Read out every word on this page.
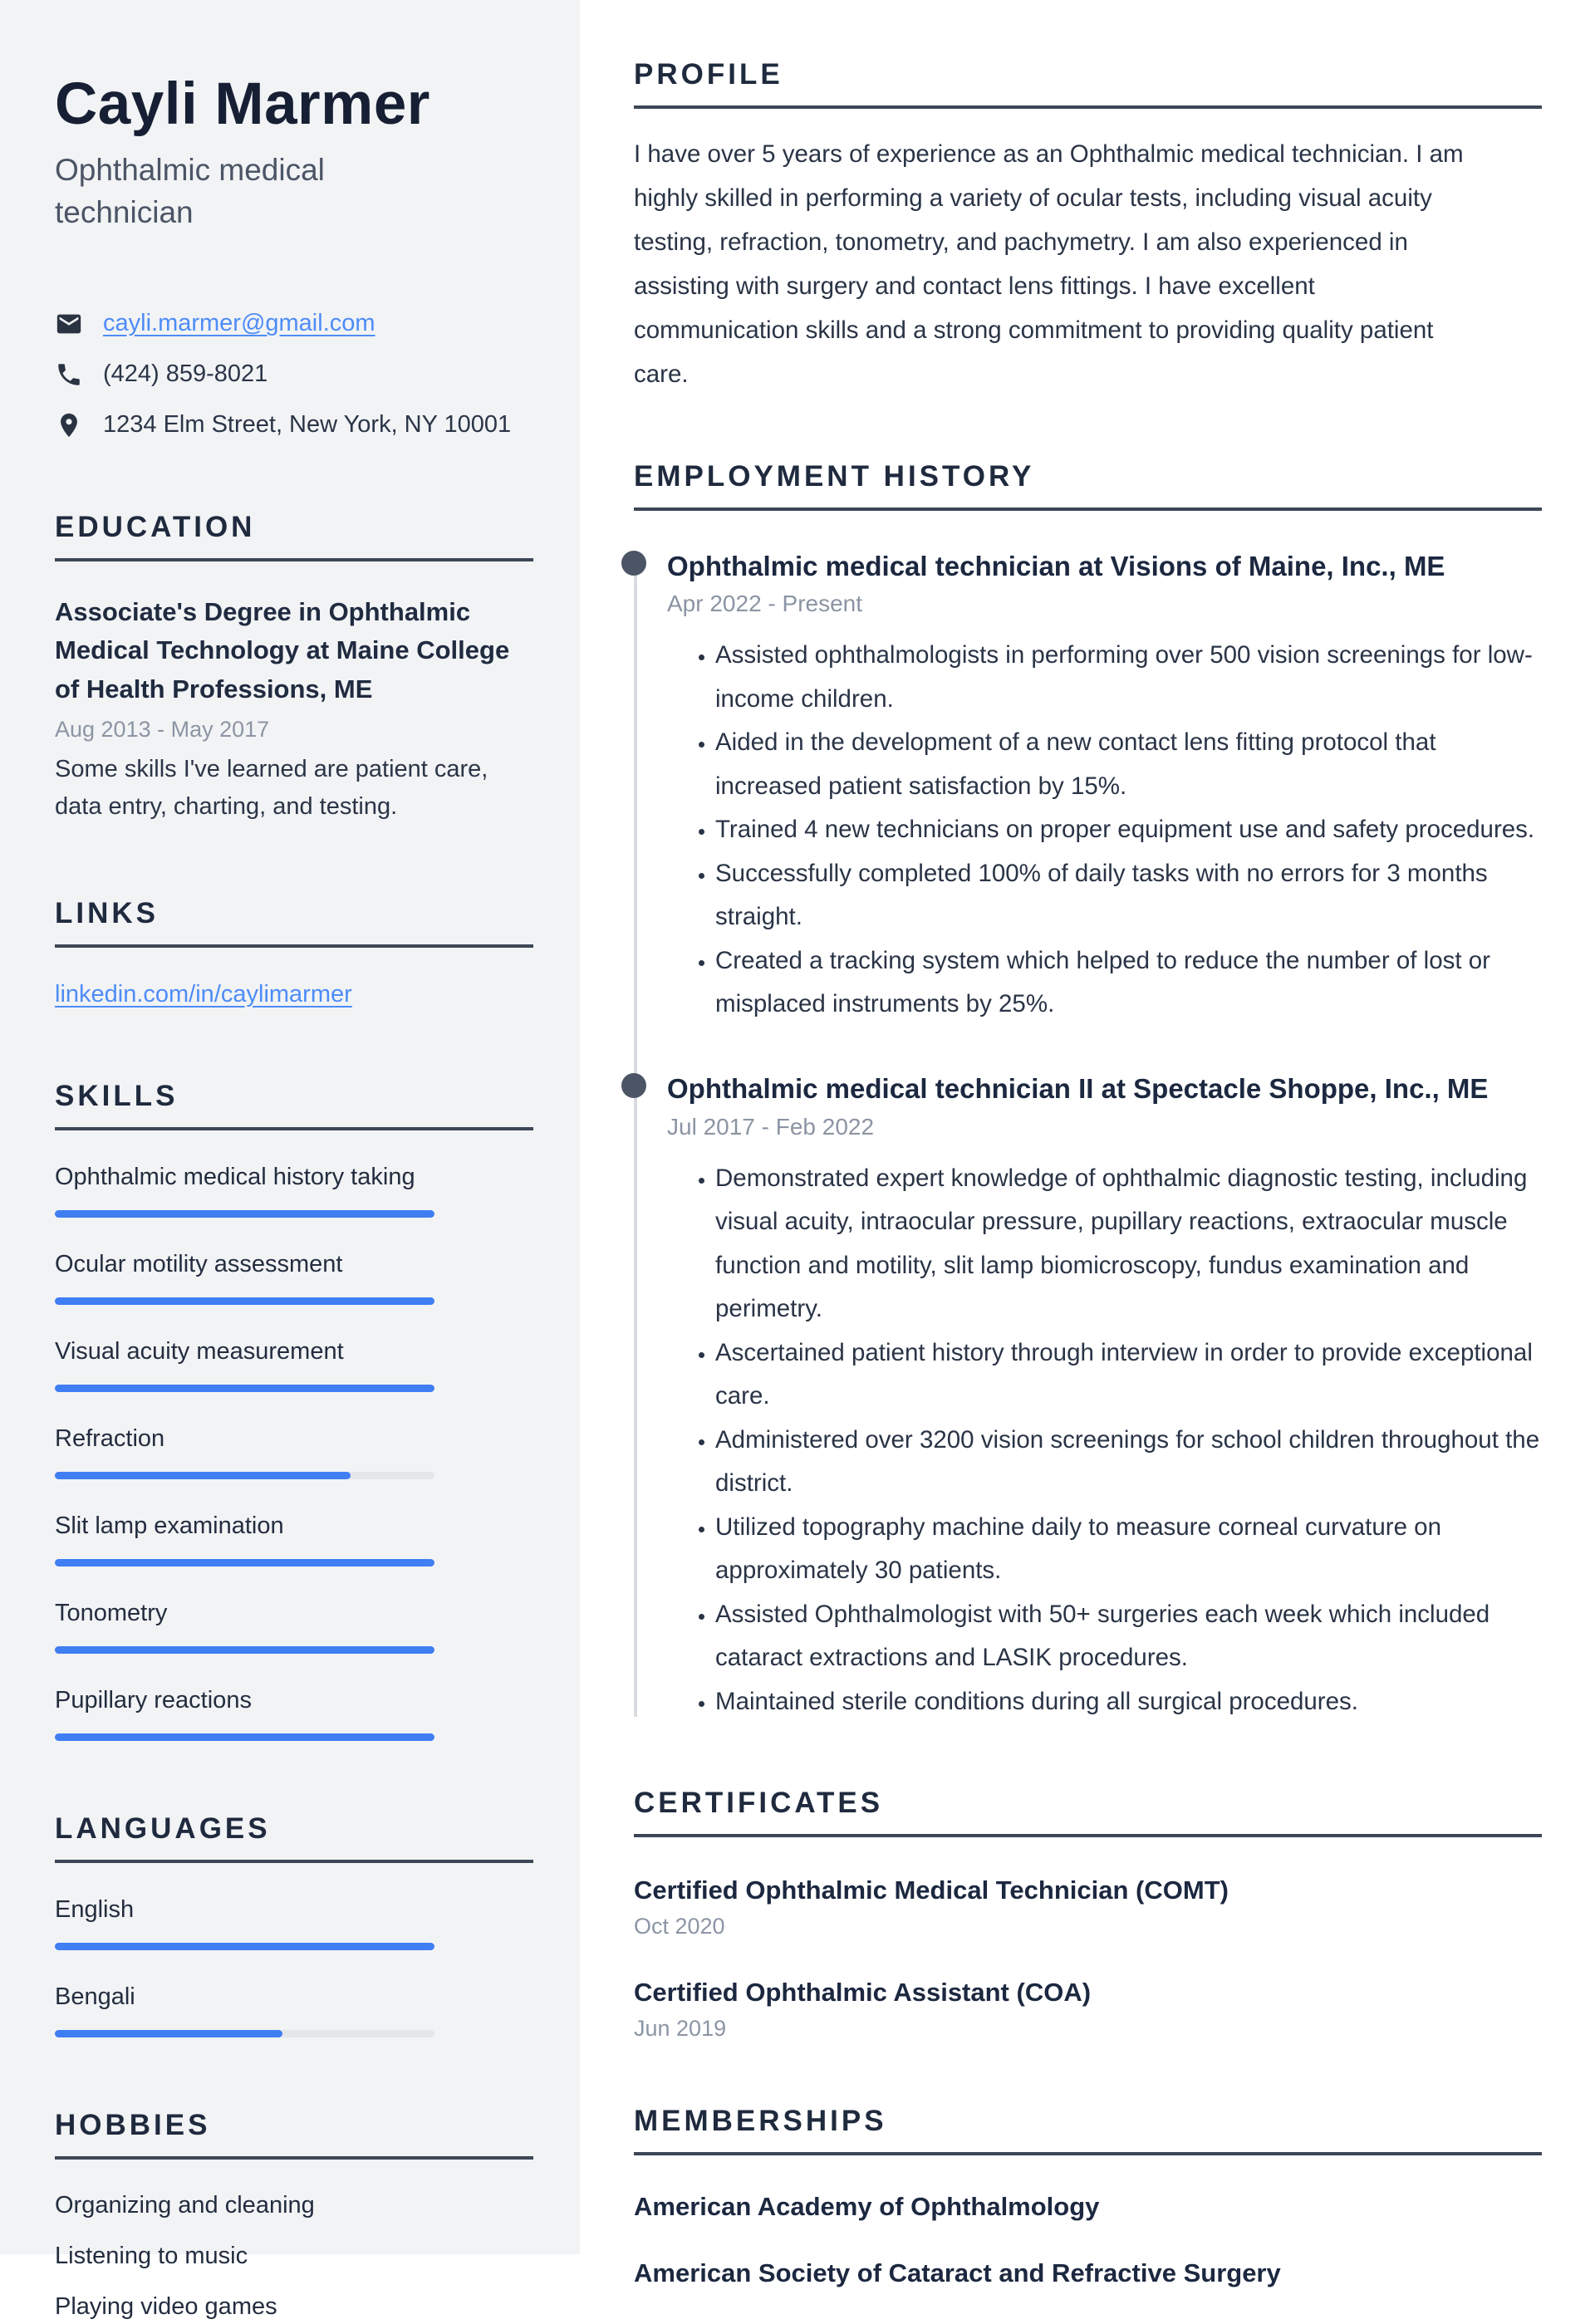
Cayli Marmer

Ophthalmic medical technician

cayli.marmer@gmail.com
(424) 859-8021
1234 Elm Street, New York, NY 10001
EDUCATION
Associate's Degree in Ophthalmic Medical Technology at Maine College of Health Professions, ME
Aug 2013 - May 2017
Some skills I've learned are patient care, data entry, charting, and testing.
LINKS
linkedin.com/in/caylimarmer
SKILLS
Ophthalmic medical history taking
Ocular motility assessment
Visual acuity measurement
Refraction
Slit lamp examination
Tonometry
Pupillary reactions
LANGUAGES
English
Bengali
HOBBIES
Organizing and cleaning
Listening to music
Playing video games
PROFILE

I have over 5 years of experience as an Ophthalmic medical technician. I am highly skilled in performing a variety of ocular tests, including visual acuity testing, refraction, tonometry, and pachymetry. I am also experienced in assisting with surgery and contact lens fittings. I have excellent communication skills and a strong commitment to providing quality patient care.

EMPLOYMENT HISTORY
Ophthalmic medical technician at Visions of Maine, Inc., ME
Apr 2022 - Present
• Assisted ophthalmologists in performing over 500 vision screenings for low-income children.
• Aided in the development of a new contact lens fitting protocol that increased patient satisfaction by 15%.
• Trained 4 new technicians on proper equipment use and safety procedures.
• Successfully completed 100% of daily tasks with no errors for 3 months straight.
• Created a tracking system which helped to reduce the number of lost or misplaced instruments by 25%.
Ophthalmic medical technician II at Spectacle Shoppe, Inc., ME
Jul 2017 - Feb 2022
• Demonstrated expert knowledge of ophthalmic diagnostic testing, including visual acuity, intraocular pressure, pupillary reactions, extraocular muscle function and motility, slit lamp biomicroscopy, fundus examination and perimetry.
• Ascertained patient history through interview in order to provide exceptional care.
• Administered over 3200 vision screenings for school children throughout the district.
• Utilized topography machine daily to measure corneal curvature on approximately 30 patients.
• Assisted Ophthalmologist with 50+ surgeries each week which included cataract extractions and LASIK procedures.
• Maintained sterile conditions during all surgical procedures.
CERTIFICATES
Certified Ophthalmic Medical Technician (COMT)
Oct 2020
Certified Ophthalmic Assistant (COA)
Jun 2019
MEMBERSHIPS
American Academy of Ophthalmology
American Society of Cataract and Refractive Surgery
